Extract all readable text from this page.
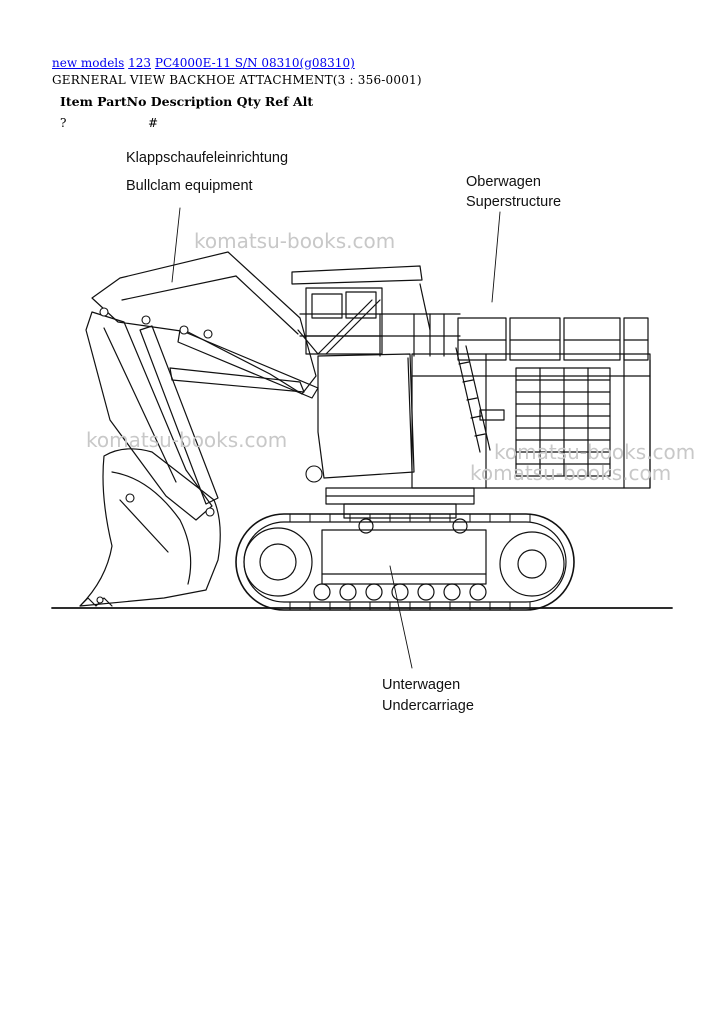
new models 123 PC4000E-11 S/N 08310(g08310)
GERNERAL VIEW BACKHOE ATTACHMENT(3 : 356-0001)
Item PartNo Description Qty Ref Alt
?	#
Klappschaufeleinrichtung
Bullclam equipment	Oberwagen
Superstructure
Unterwagen
Undercarriage
komatsu-books.com
komatsu-books.com	komatsu-books.com
komatsu-books.com
